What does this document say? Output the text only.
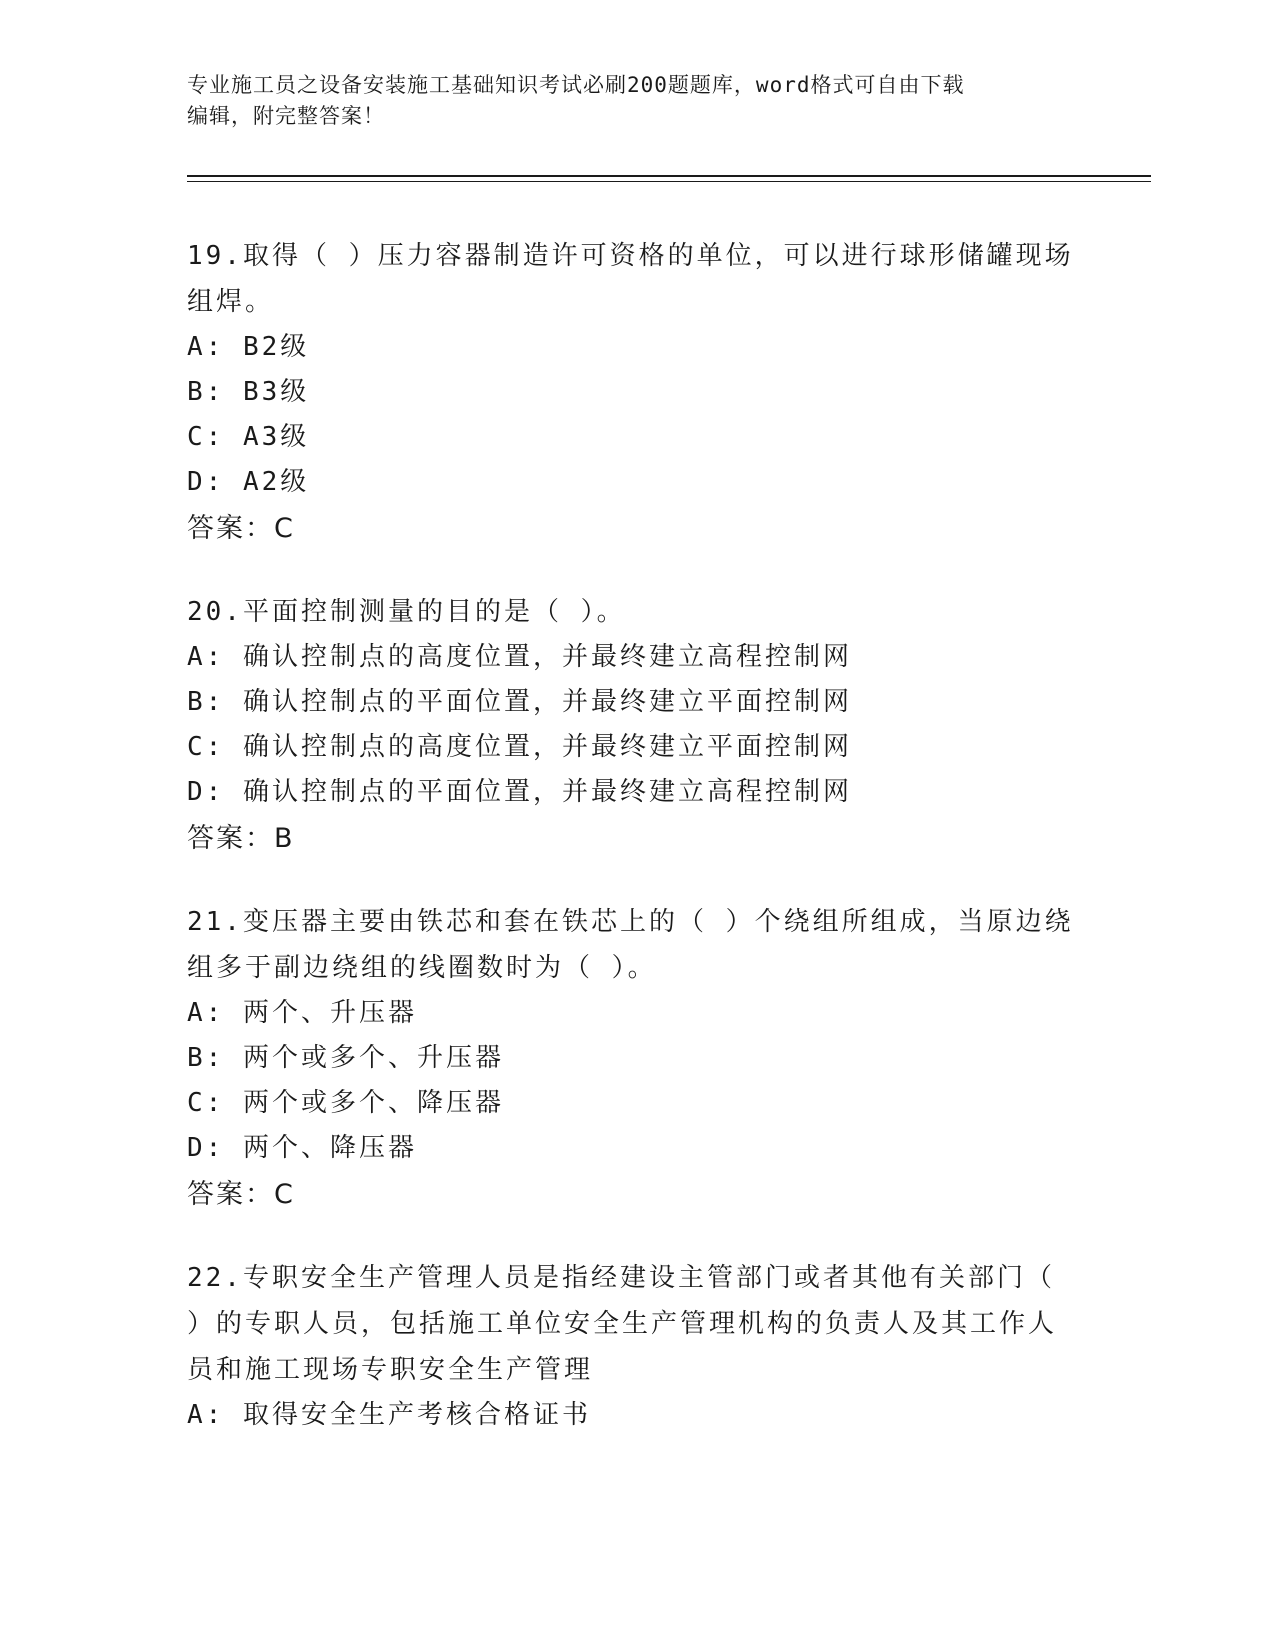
专业施工员之设备安装施工基础知识考试必刷200题题库，word格式可自由下载
编辑，附完整答案！
19.取得（ ）压力容器制造许可资格的单位，可以进行球形储罐现场
组焊。
A: B2级
B: B3级
C: A3级
D: A2级
答案：C
20.平面控制测量的目的是（ ）。
A: 确认控制点的高度位置，并最终建立高程控制网
B: 确认控制点的平面位置，并最终建立平面控制网
C: 确认控制点的高度位置，并最终建立平面控制网
D: 确认控制点的平面位置，并最终建立高程控制网
答案：B
21.变压器主要由铁芯和套在铁芯上的（ ）个绕组所组成，当原边绕
组多于副边绕组的线圈数时为（ ）。
A: 两个、升压器
B: 两个或多个、升压器
C: 两个或多个、降压器
D: 两个、降压器
答案：C
22.专职安全生产管理人员是指经建设主管部门或者其他有关部门（
）的专职人员，包括施工单位安全生产管理机构的负责人及其工作人
员和施工现场专职安全生产管理
A: 取得安全生产考核合格证书
